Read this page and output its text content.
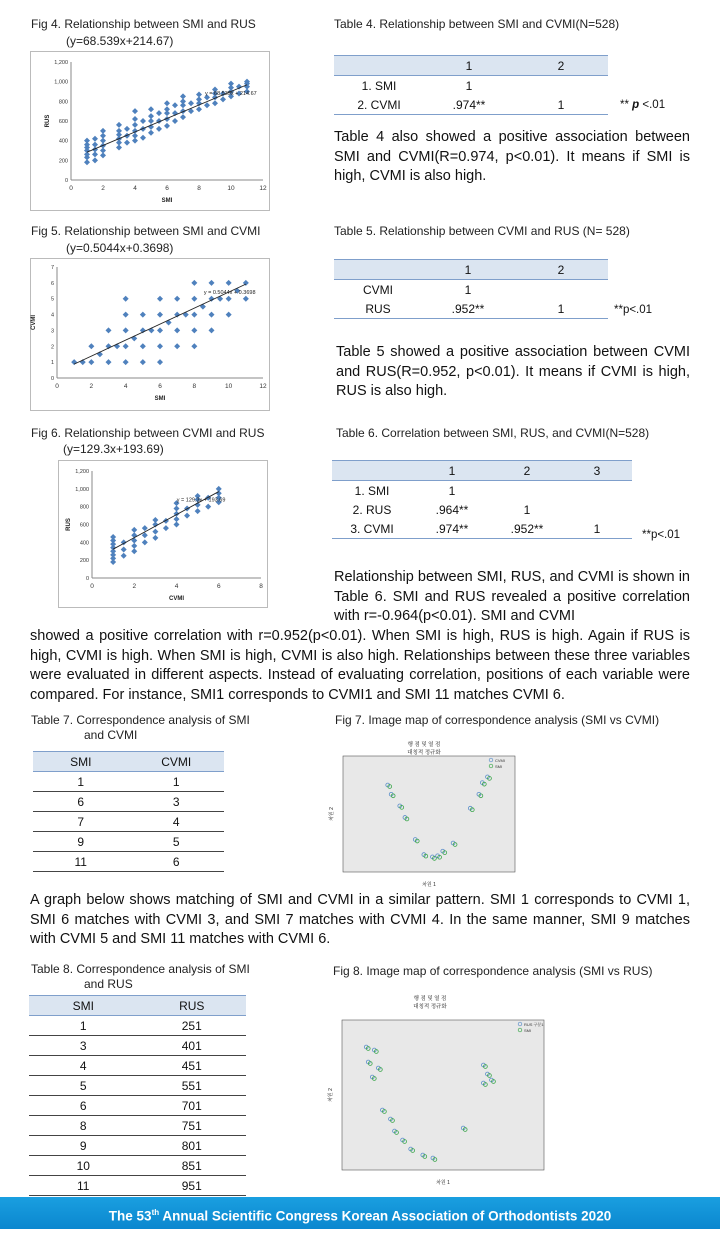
Fig 4. Relationship between SMI and RUS
(y=68.539x+214.67)
0
200
400
600
800
1,000
1,200
0	2	4	6	8	10	12
SMI
RUS
y = 68.539x + 214.67
Table 4. Relationship between SMI and CVMI(N=528)
	1	2
1. SMI	1	
2. CVMI	.974**	1	** p <.01
Table 4 also showed a positive association between SMI and CVMI(R=0.974, p<0.01). It means if SMI is high, CVMI is also high.
Fig 5. Relationship between SMI and CVMI
(y=0.5044x+0.3698)
0
1
2
3
4
5
6
7
0	2	4	6	8	10	12
SMI
CVMI
y = 0.5044x + 0.3698
Table 5. Relationship between CVMI and RUS (N= 528)
	1	2
CVMI	1	
RUS	.952**	1	**p<.01
Table 5 showed a positive association between CVMI and RUS(R=0.952, p<0.01). It means if CVMI is high, RUS is also high.
Fig 6. Relationship between CVMI and RUS
(y=129.3x+193.69)
0
200
400
600
800
1,000
1,200
0	2	4	6	8
CVMI
RUS
y = 129.3x + 193.69
Table 6. Correlation between SMI, RUS, and CVMI(N=528)
	1	2	3
1. SMI	1		
2. RUS	.964**	1	
3. CVMI	.974**	.952**	1	**p<.01
Relationship between SMI, RUS, and CVMI is shown in Table 6. SMI and RUS revealed a positive correlation with r=-0.964(p<0.01). SMI and CVMI
showed a positive correlation with r=0.952(p<0.01). When SMI is high, RUS is high. Again if RUS is high, CVMI is high. When SMI is high, CVMI is also high. Relationships between these three variables were evaluated in different aspects. Instead of evaluating correlation, positions of each variable were compared. For instance, SMI1 corresponds to CVMI1 and SMI 11 matches CVMI 6.
Table 7. Correspondence analysis of SMI
and CVMI
SMI	CVMI
1	1
6	3
7	4
9	5
11	6
Fig 7. Image map of correspondence analysis (SMI vs CVMI)
행 점 및 열 점
대칭적 정규화
CVMI
SMI
차원 1
차원 2
A graph below shows matching of SMI and CVMI in a similar pattern. SMI 1 corresponds to CVMI 1, SMI 6 matches with CVMI 3, and SMI 7 matches with CVMI 4. In the same manner, SMI 9 matches with CVMI 5 and SMI 11 matches with CVMI 6.
Table 8. Correspondence analysis of SMI
and RUS
SMI	RUS
1	251
3	401
4	451
5	551
6	701
8	751
9	801
10	851
11	951
Fig 8. Image map of correspondence analysis (SMI vs RUS)
행 점 및 열 점
대칭적 정규화
RUS 구분1
SMI
차원 1
차원 2
The 53th Annual Scientific Congress Korean Association of Orthodontists 2020
